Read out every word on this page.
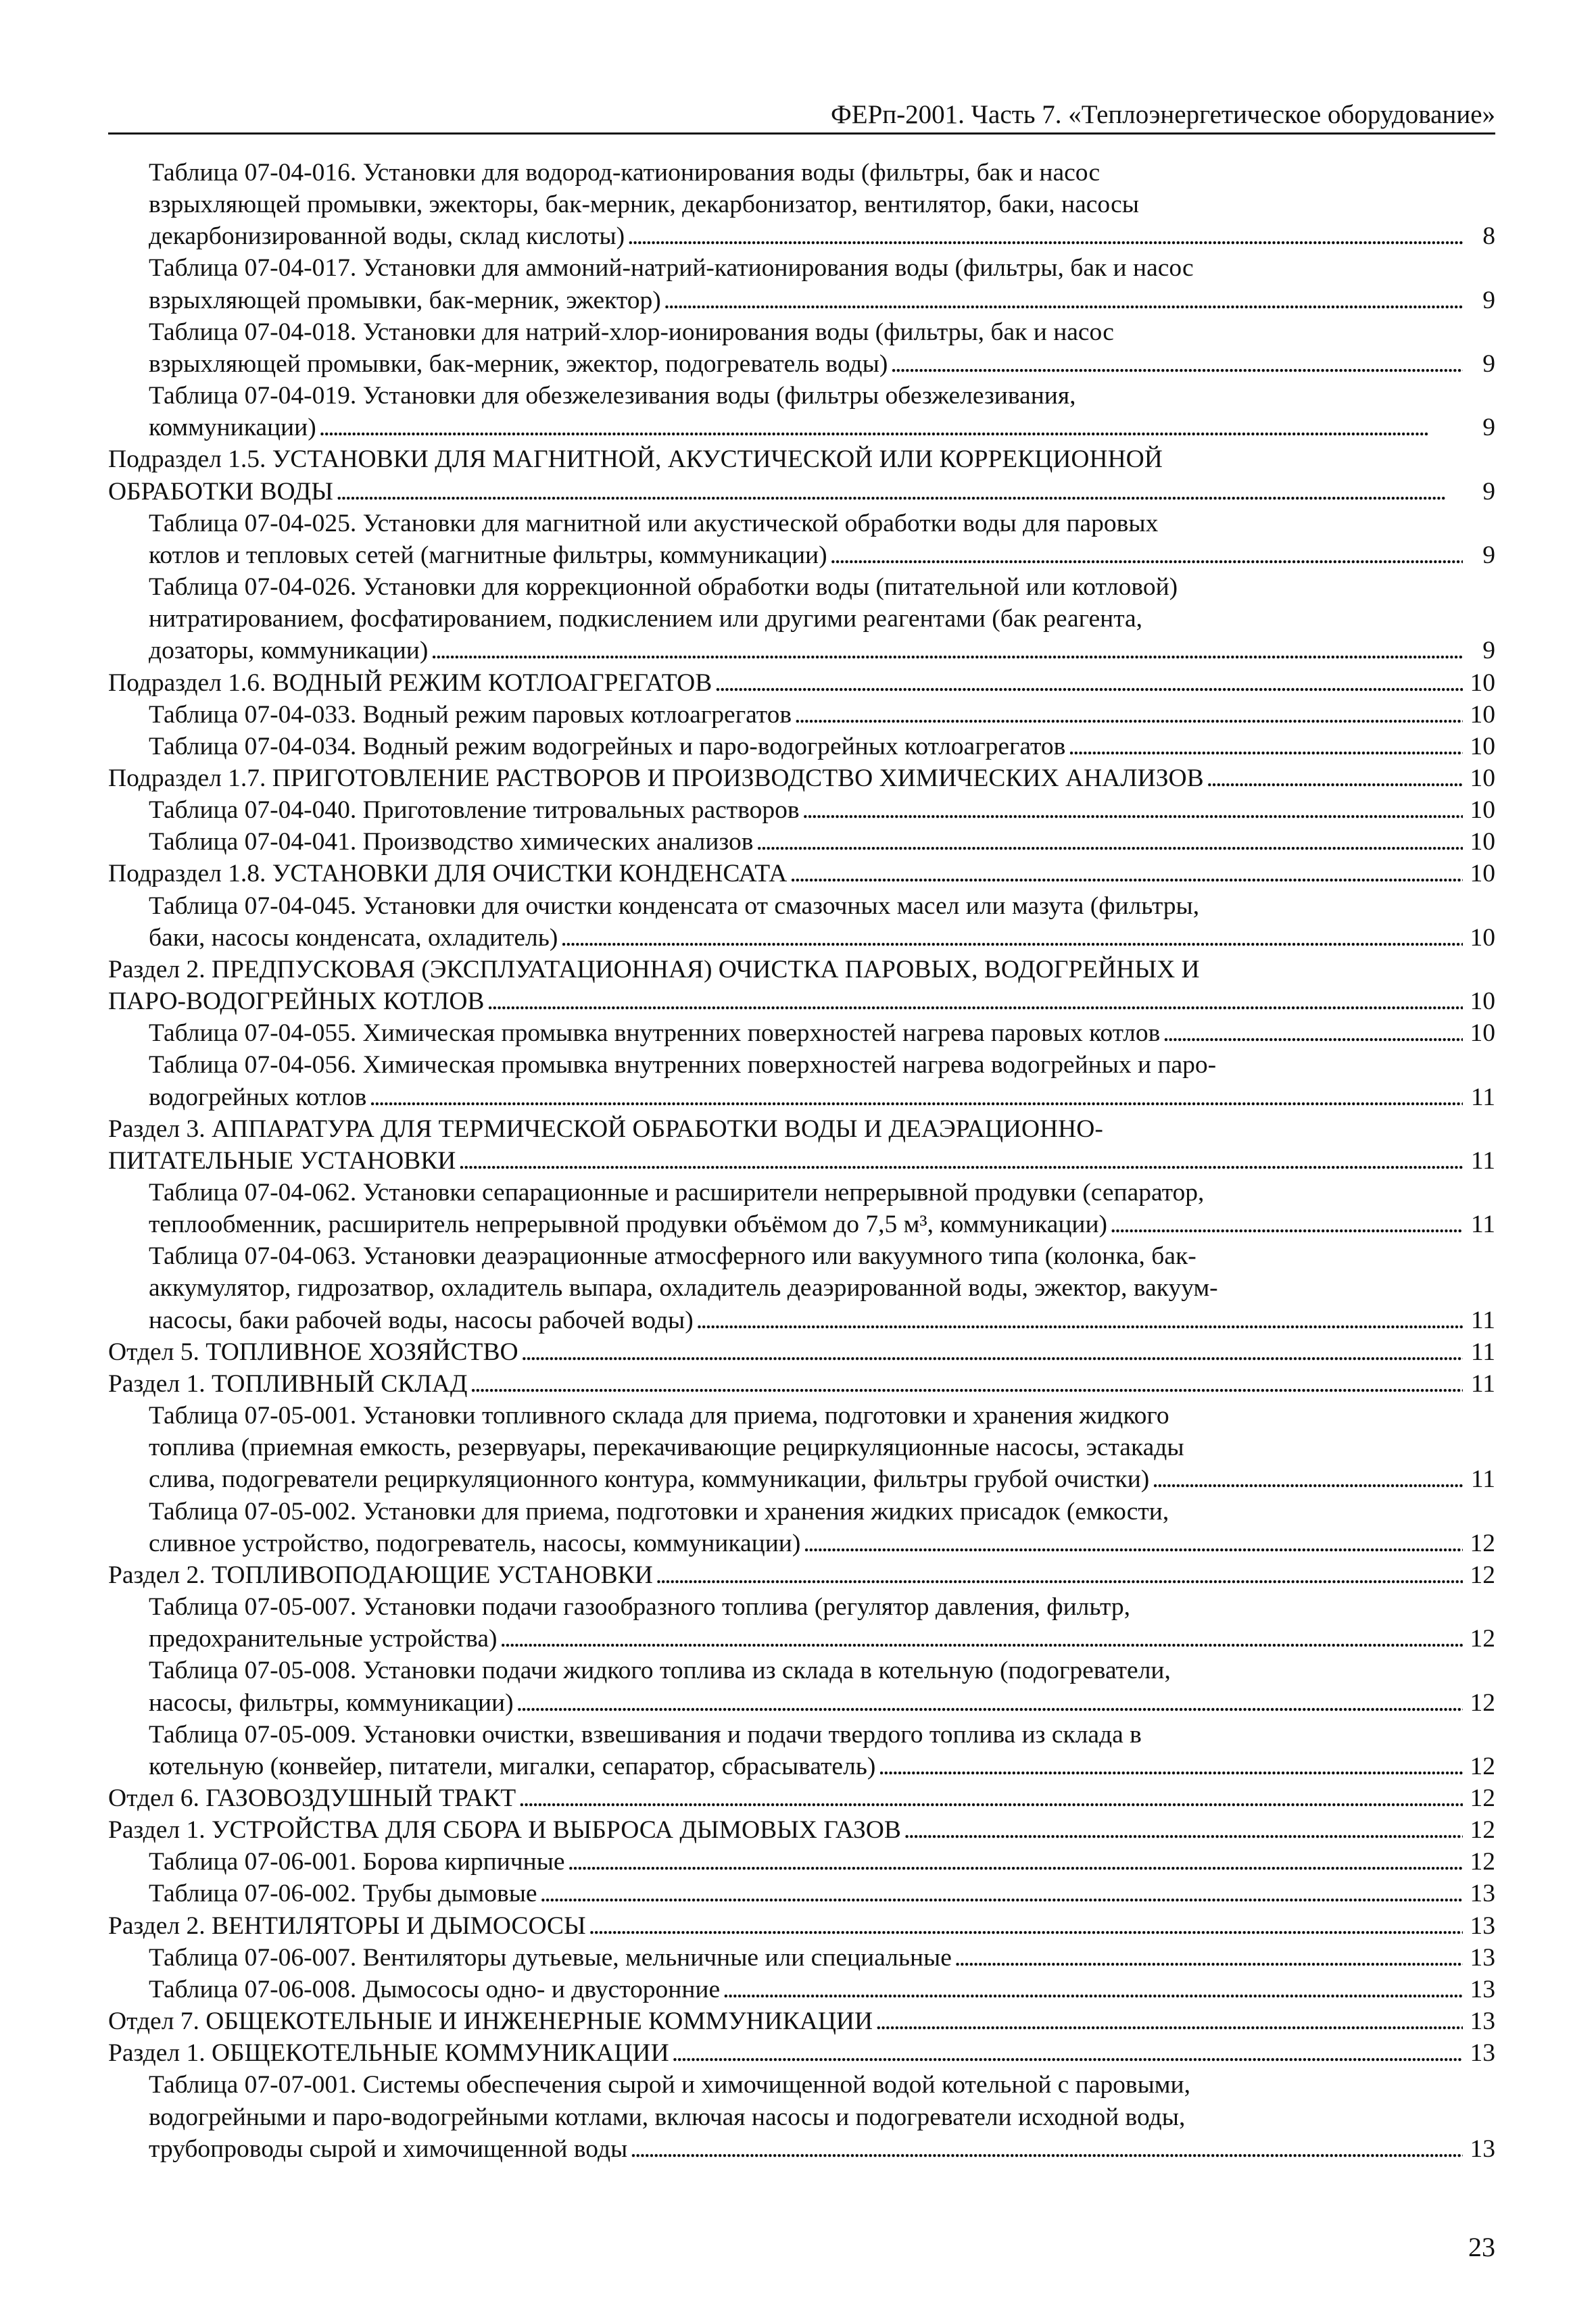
ФЕРп-2001. Часть 7. «Теплоэнергетическое оборудование»
Таблица 07-04-016. Установки для водород-катионирования воды (фильтры, бак и насос
взрыхляющей промывки, эжекторы, бак-мерник, декарбонизатор, вентилятор, баки, насосы
декарбонизированной воды, склад кислоты) . . .	8
Таблица 07-04-017. Установки для аммоний-натрий-катионирования воды (фильтры, бак и насос
взрыхляющей промывки, бак-мерник, эжектор) . . .	9
Таблица 07-04-018. Установки для натрий-хлор-ионирования воды (фильтры, бак и насос
взрыхляющей промывки, бак-мерник, эжектор, подогреватель воды) . . .	9
Таблица 07-04-019. Установки для обезжелезивания воды (фильтры обезжелезивания,
коммуникации) . . .	9
Подраздел 1.5. УСТАНОВКИ ДЛЯ МАГНИТНОЙ, АКУСТИЧЕСКОЙ ИЛИ КОРРЕКЦИОННОЙ
ОБРАБОТКИ ВОДЫ . . .	9
Таблица 07-04-025. Установки для магнитной или акустической обработки воды для паровых
котлов и тепловых сетей (магнитные фильтры, коммуникации) . . .	9
Таблица 07-04-026. Установки для коррекционной обработки воды (питательной или котловой)
нитратированием, фосфатированием, подкислением или другими реагентами (бак реагента,
дозаторы, коммуникации) . . .	9
Подраздел 1.6. ВОДНЫЙ РЕЖИМ КОТЛОАГРЕГАТОВ . . .	10
Таблица 07-04-033. Водный режим паровых котлоагрегатов . . .	10
Таблица 07-04-034. Водный режим водогрейных и паро-водогрейных котлоагрегатов . . .	10
Подраздел 1.7. ПРИГОТОВЛЕНИЕ РАСТВОРОВ И ПРОИЗВОДСТВО ХИМИЧЕСКИХ АНАЛИЗОВ . . .	10
Таблица 07-04-040. Приготовление титровальных растворов . . .	10
Таблица 07-04-041. Производство химических анализов . . .	10
Подраздел 1.8. УСТАНОВКИ ДЛЯ ОЧИСТКИ КОНДЕНСАТА . . .	10
Таблица 07-04-045. Установки для очистки конденсата от смазочных масел или мазута (фильтры,
баки, насосы конденсата, охладитель) . . .	10
Раздел 2. ПРЕДПУСКОВАЯ (ЭКСПЛУАТАЦИОННАЯ) ОЧИСТКА ПАРОВЫХ, ВОДОГРЕЙНЫХ И
ПАРО-ВОДОГРЕЙНЫХ КОТЛОВ . . .	10
Таблица 07-04-055. Химическая промывка внутренних поверхностей нагрева паровых котлов . . .	10
Таблица 07-04-056. Химическая промывка внутренних поверхностей нагрева водогрейных и паро-
водогрейных котлов . . .	11
Раздел 3. АППАРАТУРА ДЛЯ ТЕРМИЧЕСКОЙ ОБРАБОТКИ ВОДЫ И ДЕАЭРАЦИОННО-
ПИТАТЕЛЬНЫЕ УСТАНОВКИ . . .	11
Таблица 07-04-062. Установки сепарационные и расширители непрерывной продувки (сепаратор,
теплообменник, расширитель непрерывной продувки объёмом до 7,5 м³, коммуникации) . . .	11
Таблица 07-04-063. Установки деаэрационные атмосферного или вакуумного типа (колонка, бак-
аккумулятор, гидрозатвор, охладитель выпара, охладитель деаэрированной воды, эжектор, вакуум-
насосы, баки рабочей воды, насосы рабочей воды) . . .	11
Отдел 5. ТОПЛИВНОЕ ХОЗЯЙСТВО . . .	11
Раздел 1. ТОПЛИВНЫЙ СКЛАД . . .	11
Таблица 07-05-001. Установки топливного склада для приема, подготовки и хранения жидкого
топлива (приемная емкость, резервуары, перекачивающие рециркуляционные насосы, эстакады
слива, подогреватели рециркуляционного контура, коммуникации, фильтры грубой очистки) . . .	11
Таблица 07-05-002. Установки для приема, подготовки и хранения жидких присадок (емкости,
сливное устройство, подогреватель, насосы, коммуникации) . . .	12
Раздел 2. ТОПЛИВОПОДАЮЩИЕ УСТАНОВКИ . . .	12
Таблица 07-05-007. Установки подачи газообразного топлива (регулятор давления, фильтр,
предохранительные устройства) . . .	12
Таблица 07-05-008. Установки подачи жидкого топлива из склада в котельную (подогреватели,
насосы, фильтры, коммуникации) . . .	12
Таблица 07-05-009. Установки очистки, взвешивания и подачи твердого топлива из склада в
котельную (конвейер, питатели, мигалки, сепаратор, сбрасыватель) . . .	12
Отдел 6. ГАЗОВОЗДУШНЫЙ ТРАКТ . . .	12
Раздел 1. УСТРОЙСТВА ДЛЯ СБОРА И ВЫБРОСА ДЫМОВЫХ ГАЗОВ . . .	12
Таблица 07-06-001. Борова кирпичные . . .	12
Таблица 07-06-002. Трубы дымовые . . .	13
Раздел 2. ВЕНТИЛЯТОРЫ И ДЫМОСОСЫ . . .	13
Таблица 07-06-007. Вентиляторы дутьевые, мельничные или специальные . . .	13
Таблица 07-06-008. Дымососы одно- и двусторонние . . .	13
Отдел 7. ОБЩЕКОТЕЛЬНЫЕ И ИНЖЕНЕРНЫЕ КОММУНИКАЦИИ . . .	13
Раздел 1. ОБЩЕКОТЕЛЬНЫЕ КОММУНИКАЦИИ . . .	13
Таблица 07-07-001. Системы обеспечения сырой и химочищенной водой котельной с паровыми,
водогрейными и паро-водогрейными котлами, включая насосы и подогреватели исходной воды,
трубопроводы сырой и химочищенной воды . . .	13
23
